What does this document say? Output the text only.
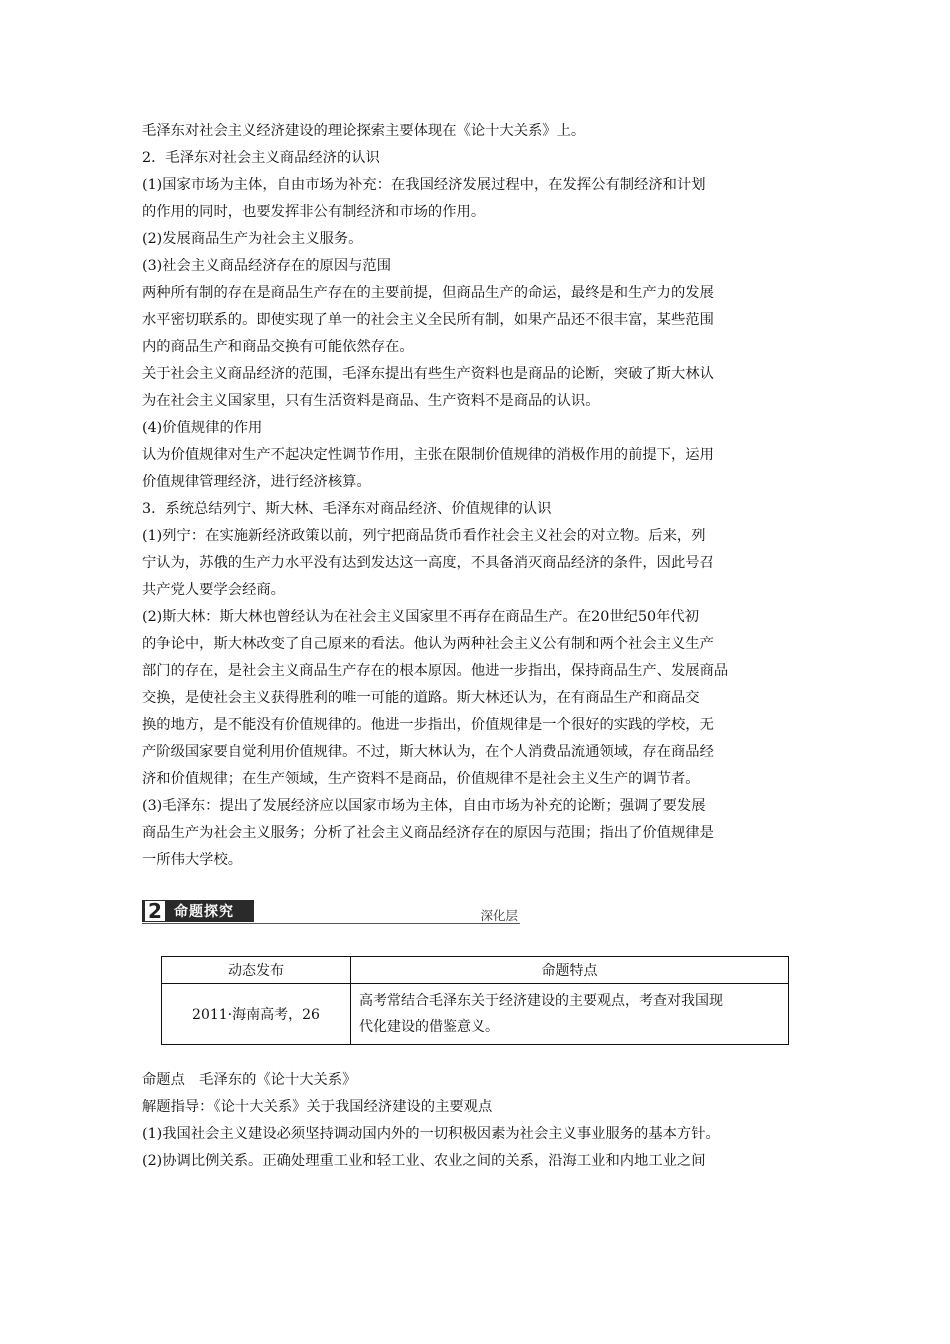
毛泽东对社会主义经济建设的理论探索主要体现在《论十大关系》上。

2．毛泽东对社会主义商品经济的认识

(1)国家市场为主体，自由市场为补充：在我国经济发展过程中，在发挥公有制经济和计划

的作用的同时，也要发挥非公有制经济和市场的作用。

(2)发展商品生产为社会主义服务。

(3)社会主义商品经济存在的原因与范围

两种所有制的存在是商品生产存在的主要前提，但商品生产的命运，最终是和生产力的发展

水平密切联系的。即使实现了单一的社会主义全民所有制，如果产品还不很丰富，某些范围

内的商品生产和商品交换有可能依然存在。

关于社会主义商品经济的范围，毛泽东提出有些生产资料也是商品的论断，突破了斯大林认

为在社会主义国家里，只有生活资料是商品、生产资料不是商品的认识。

(4)价值规律的作用

认为价值规律对生产不起决定性调节作用，主张在限制价值规律的消极作用的前提下，运用

价值规律管理经济，进行经济核算。

3．系统总结列宁、斯大林、毛泽东对商品经济、价值规律的认识

(1)列宁：在实施新经济政策以前，列宁把商品货币看作社会主义社会的对立物。后来，列

宁认为，苏俄的生产力水平没有达到发达这一高度，不具备消灭商品经济的条件，因此号召

共产党人要学会经商。

(2)斯大林：斯大林也曾经认为在社会主义国家里不再存在商品生产。在20世纪50年代初

的争论中，斯大林改变了自己原来的看法。他认为两种社会主义公有制和两个社会主义生产

部门的存在，是社会主义商品生产存在的根本原因。他进一步指出，保持商品生产、发展商品

交换，是使社会主义获得胜利的唯一可能的道路。斯大林还认为，在有商品生产和商品交

换的地方，是不能没有价值规律的。他进一步指出，价值规律是一个很好的实践的学校，无

产阶级国家要自觉利用价值规律。不过，斯大林认为，在个人消费品流通领域，存在商品经

济和价值规律；在生产领域，生产资料不是商品，价值规律不是社会主义生产的调节者。

(3)毛泽东：提出了发展经济应以国家市场为主体，自由市场为补充的论断；强调了要发展

商品生产为社会主义服务；分析了社会主义商品经济存在的原因与范围；指出了价值规律是

一所伟大学校。

2 命题探究	深化层
动态发布	命题特点
2011·海南高考，26	高考常结合毛泽东关于经济建设的主要观点，考查对我国现
代化建设的借鉴意义。

命题点　毛泽东的《论十大关系》

解题指导：《论十大关系》关于我国经济建设的主要观点

(1)我国社会主义建设必须坚持调动国内外的一切积极因素为社会主义事业服务的基本方针。

(2)协调比例关系。正确处理重工业和轻工业、农业之间的关系，沿海工业和内地工业之间
